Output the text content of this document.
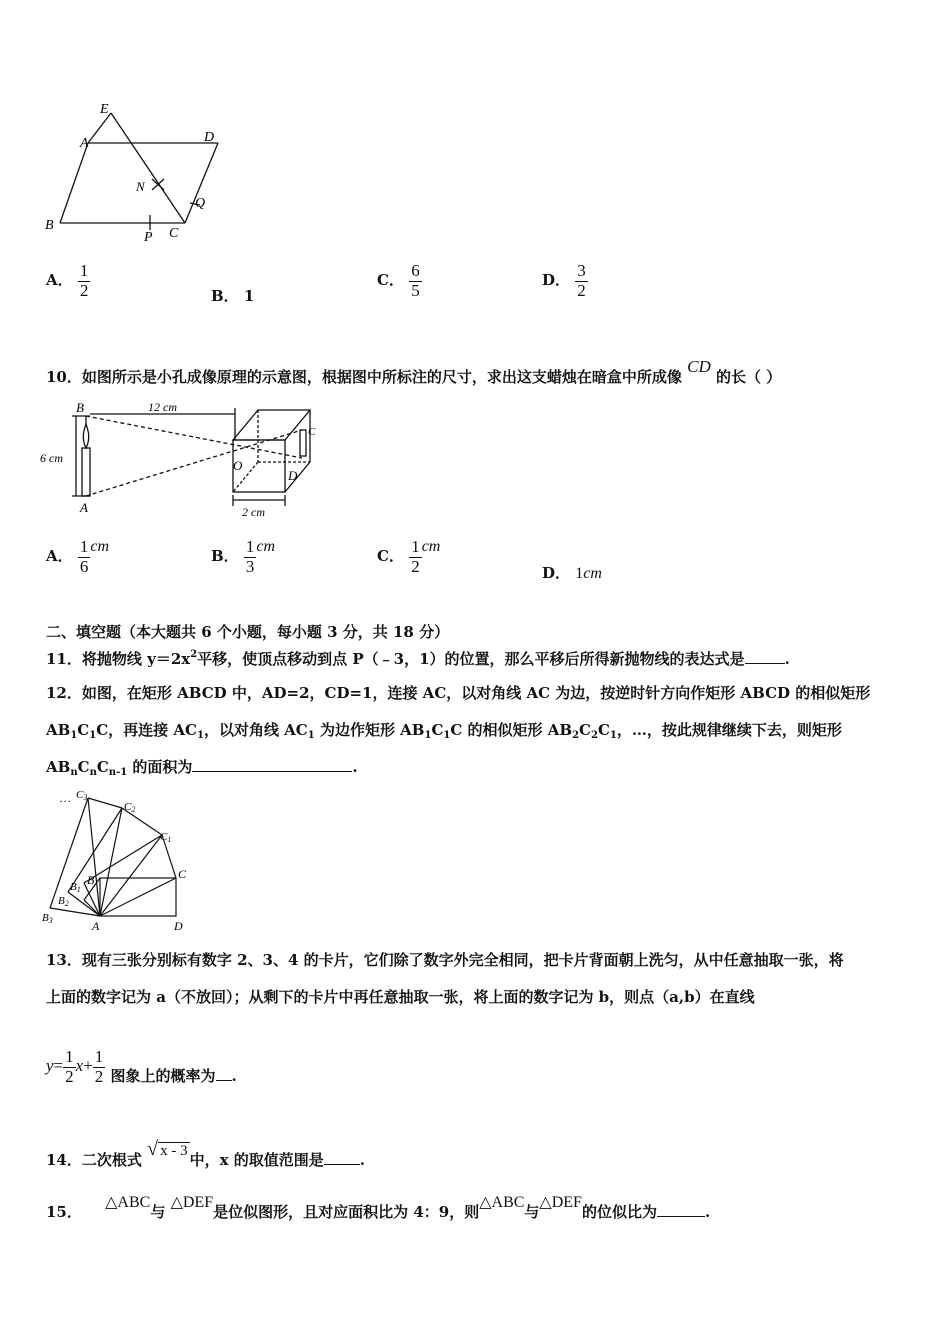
E
A	D
N
Q
B
P C
A． $\frac{1}{2}$	B． 1
C． $\frac{6}{5}$	D． $\frac{3}{2}$
10．如图所示是小孔成像原理的示意图，根据图中所标注的尺寸，求出这支蜡烛在暗盒中所成像 CD 的长（ ）
12 cm
6 cm
2 cm
B
A
O
D
C
A． $\frac{1}{6}$ cm
B． $\frac{1}{3}$ cm
C． $\frac{1}{2}$ cm
D． 1cm
二、填空题（本大题共 6 个小题，每小题 3 分，共 18 分）
11．将抛物线 $y=2x^2$平移，使顶点移动到点 P（﹣3，1）的位置，那么平移后所得新抛物线的表达式是	.
12．如图，在矩形 ABCD 中，AD=2，CD=1，连接 AC，以对角线 AC 为边，按逆时针方向作矩形 ABCD 的相似矩形
$AB_1C_1C$，再连接 $AC_1$，以对角线 $AC_1$ 为边作矩形 $AB_1C_1C$ 的相似矩形 $AB_2C_2C_1$，…，按此规律继续下去，则矩形
$AB_nC_nC_{n-1}$ 的面积为	.
… C3
C2
C1
C
D
A
B
B1
B2
B3
13．现有三张分别标有数字 2、3、4 的卡片，它们除了数字外完全相同，把卡片背面朝上洗匀，从中任意抽取一张，将
上面的数字记为 a（不放回）；从剩下的卡片中再任意抽取一张，将上面的数字记为 b，则点（a,b）在直线
$y= \frac{1}{2} x+ \frac{1}{2}$ 图象上的概率为 .
14．二次根式 √ x - 3 中，x 的取值范围是 .
15． △ABC与 △DEF是位似图形，且对应面积比为 4：9，则△ABC与△DEF的位似比为	.
